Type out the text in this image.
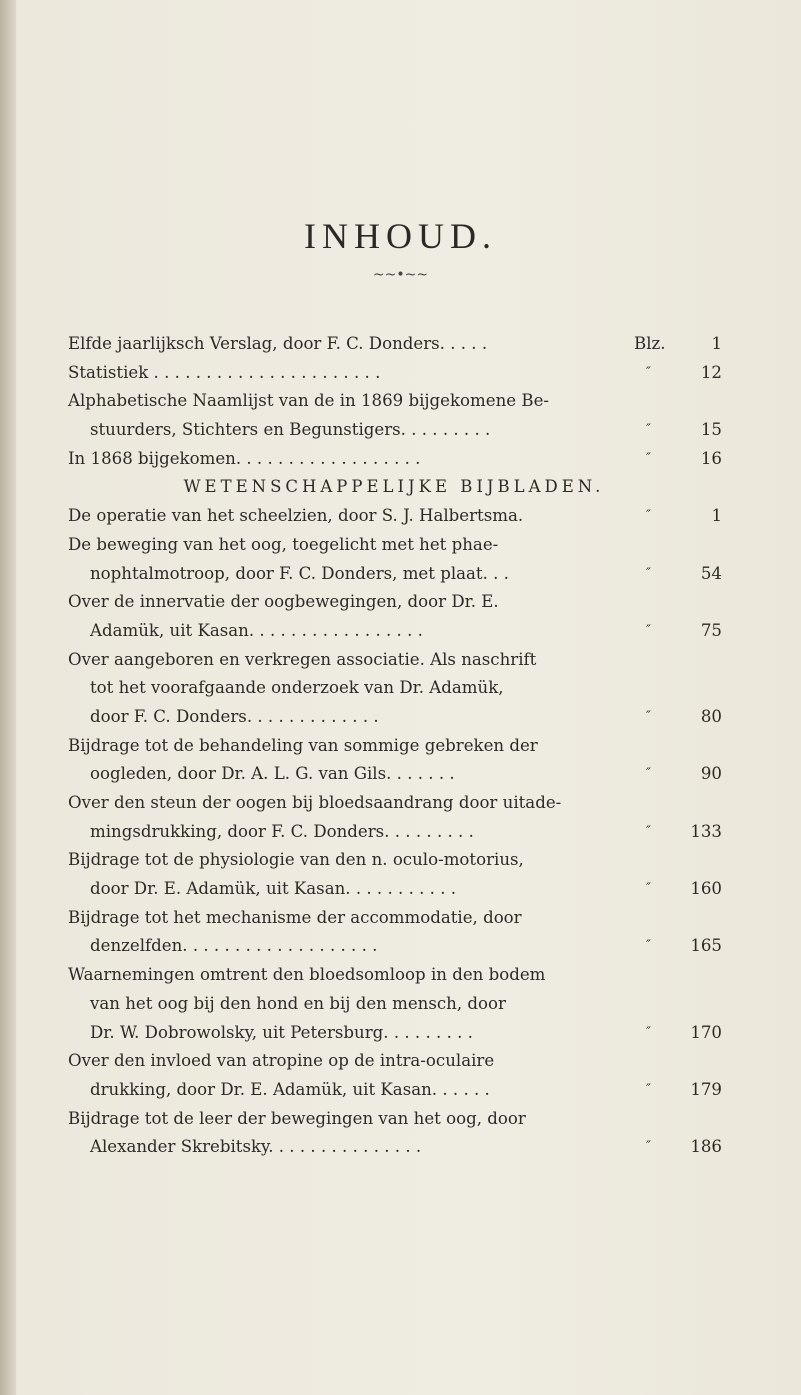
INHOUD.
~~•~~
Elfde jaarlijksch Verslag, door F. C. Donders. . . . .	Blz.	1
Statistiek . . . . . . . . . . . . . . . . . . . . . .	″	12
Alphabetische Naamlijst van de in 1869 bijgekomene Be-
stuurders, Stichters en Begunstigers. . . . . . . . .	″	15
In 1868 bijgekomen. . . . . . . . . . . . . . . . . .	″	16
WETENSCHAPPELIJKE BIJBLADEN.
De operatie van het scheelzien, door S. J. Halbertsma.	″	1
De beweging van het oog, toegelicht met het phae-
nophtalmotroop, door F. C. Donders, met plaat. . .	″	54
Over de innervatie der oogbewegingen, door Dr. E.
Adamük, uit Kasan. . . . . . . . . . . . . . . . .	″	75
Over aangeboren en verkregen associatie. Als naschrift
tot het voorafgaande onderzoek van Dr. Adamük,
door F. C. Donders. . . . . . . . . . . . .	″	80
Bijdrage tot de behandeling van sommige gebreken der
oogleden, door Dr. A. L. G. van Gils. . . . . . .	″	90
Over den steun der oogen bij bloedsaandrang door uitade-
mingsdrukking, door F. C. Donders. . . . . . . . .	″ 133
Bijdrage tot de physiologie van den n. oculo-motorius,
door Dr. E. Adamük, uit Kasan. . . . . . . . . . .	″ 160
Bijdrage tot het mechanisme der accommodatie, door
denzelfden. . . . . . . . . . . . . . . . . . .	″ 165
Waarnemingen omtrent den bloedsomloop in den bodem
van het oog bij den hond en bij den mensch, door
Dr. W. Dobrowolsky, uit Petersburg. . . . . . . . .	″ 170
Over den invloed van atropine op de intra-oculaire
drukking, door Dr. E. Adamük, uit Kasan. . . . . .	″ 179
Bijdrage tot de leer der bewegingen van het oog, door
Alexander Skrebitsky. . . . . . . . . . . . . . .	″ 186
